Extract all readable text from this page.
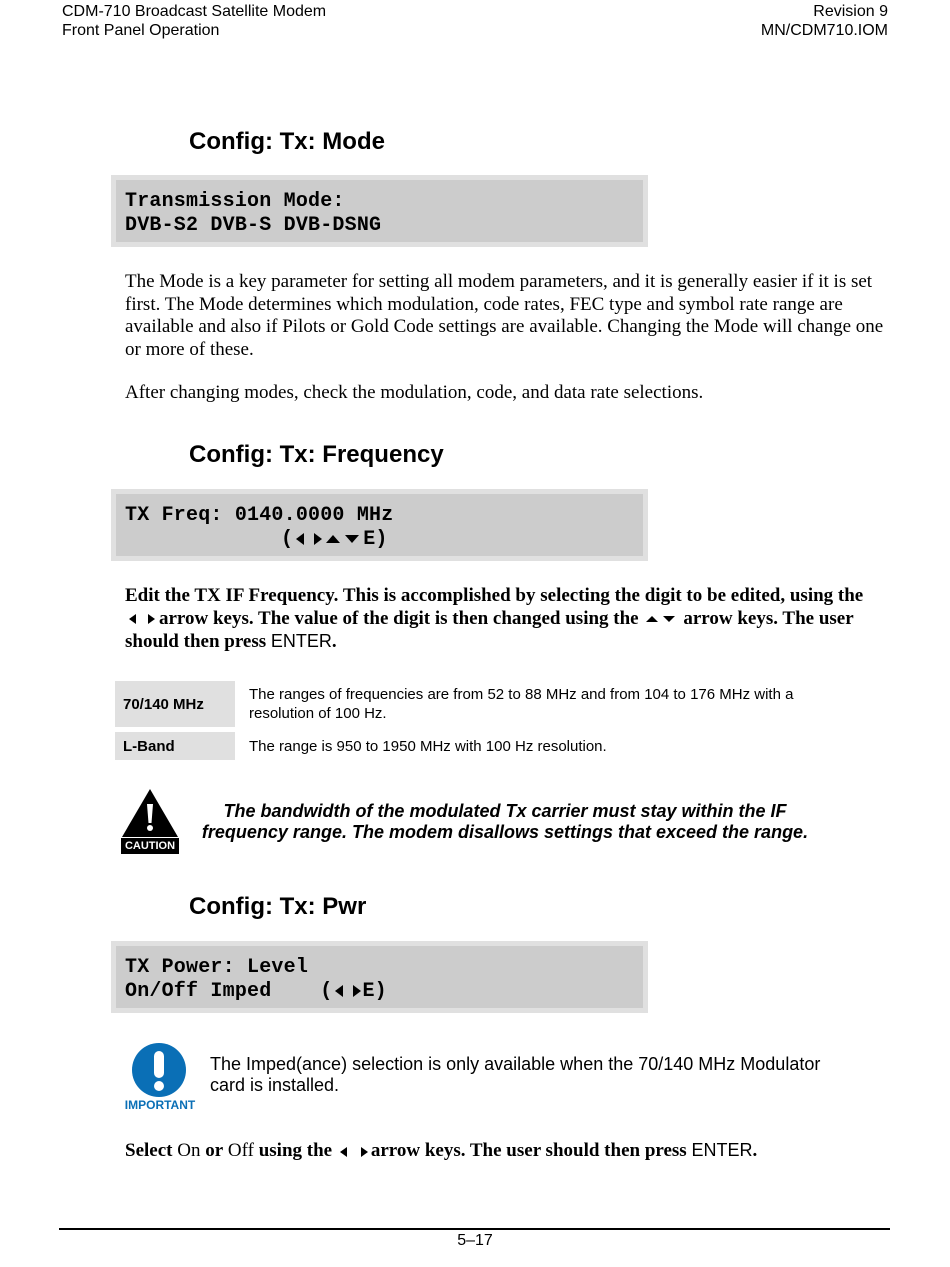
CDM-710 Broadcast Satellite Modem
Front Panel Operation
Revision 9
MN/CDM710.IOM
Config: Tx: Mode
Transmission Mode:
DVB-S2 DVB-S DVB-DSNG
The Mode is a key parameter for setting all modem parameters, and it is generally easier if it is set first. The Mode determines which modulation, code rates, FEC type and symbol rate range are available and also if Pilots or Gold Code settings are available. Changing the Mode will change one or more of these.
After changing modes, check the modulation, code, and data rate selections.
Config: Tx: Frequency
TX Freq: 0140.0000 MHz
(	E)
Edit the TX IF Frequency. This is accomplished by selecting the digit to be edited, using the
arrow keys. The value of the digit is then changed using the arrow keys. The user should then press ENTER.
70/140 MHz	The ranges of frequencies are from 52 to 88 MHz and from 104 to 176 MHz with a resolution of 100 Hz.
L-Band	The range is 950 to 1950 MHz with 100 Hz resolution.
CAUTION
The bandwidth of the modulated Tx carrier must stay within the IF frequency range. The modem disallows settings that exceed the range.
Config: Tx: Pwr
TX Power: Level
On/Off Imped    ( E)
IMPORTANT
The Imped(ance) selection is only available when the 70/140 MHz Modulator card is installed.
Select On or Off using the arrow keys. The user should then press ENTER.
5–17
